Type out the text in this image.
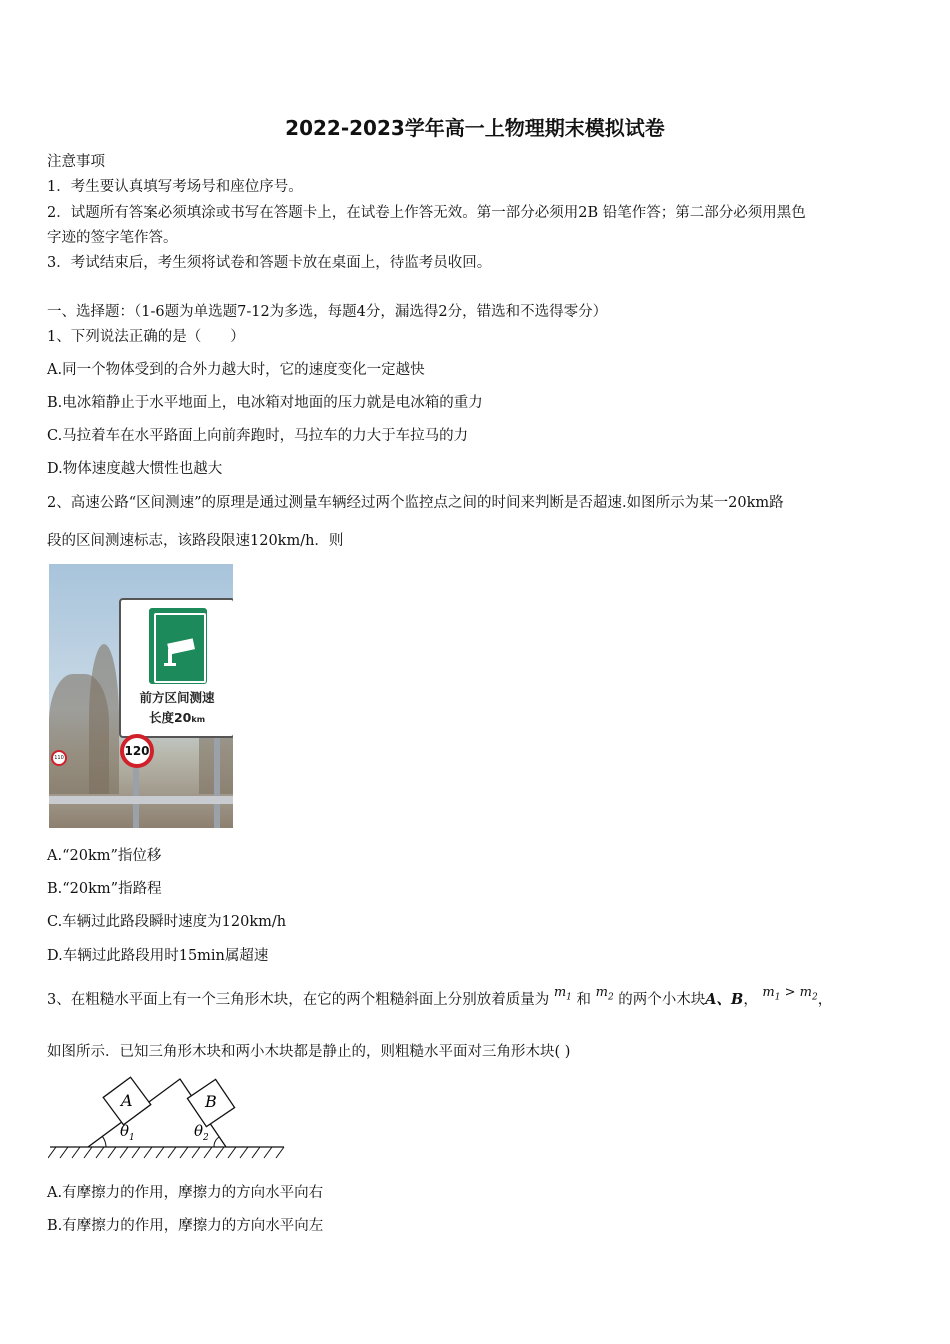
2022-2023学年高一上物理期末模拟试卷
注意事项
1．考生要认真填写考场号和座位序号。
2．试题所有答案必须填涂或书写在答题卡上，在试卷上作答无效。第一部分必须用2B 铅笔作答；第二部分必须用黑色
字迹的签字笔作答。
3．考试结束后，考生须将试卷和答题卡放在桌面上，待监考员收回。
一、选择题：（1-6题为单选题7-12为多选，每题4分，漏选得2分，错选和不选得零分）
1、下列说法正确的是（　　）
A.同一个物体受到的合外力越大时，它的速度变化一定越快
B.电冰箱静止于水平地面上，电冰箱对地面的压力就是电冰箱的重力
C.马拉着车在水平路面上向前奔跑时，马拉车的力大于车拉马的力
D.物体速度越大惯性也越大
2、高速公路“区间测速”的原理是通过测量车辆经过两个监控点之间的时间来判断是否超速.如图所示为某一20km路
段的区间测速标志，该路段限速120km/h．则
前方区间测速
长度20km
120
110
A.“20km”指位移
B.“20km”指路程
C.车辆过此路段瞬时速度为120km/h
D.车辆过此路段用时15min属超速
3、在粗糙水平面上有一个三角形木块，在它的两个粗糙斜面上分别放着质量为 $m_1$ 和 $m_2$ 的两个小木块A、B， $m_1 > m_2$，
如图所示．已知三角形木块和两小木块都是静止的，则粗糙水平面对三角形木块( )
A	B
$\theta_1$	$\theta_2$
A.有摩擦力的作用，摩擦力的方向水平向右
B.有摩擦力的作用，摩擦力的方向水平向左
